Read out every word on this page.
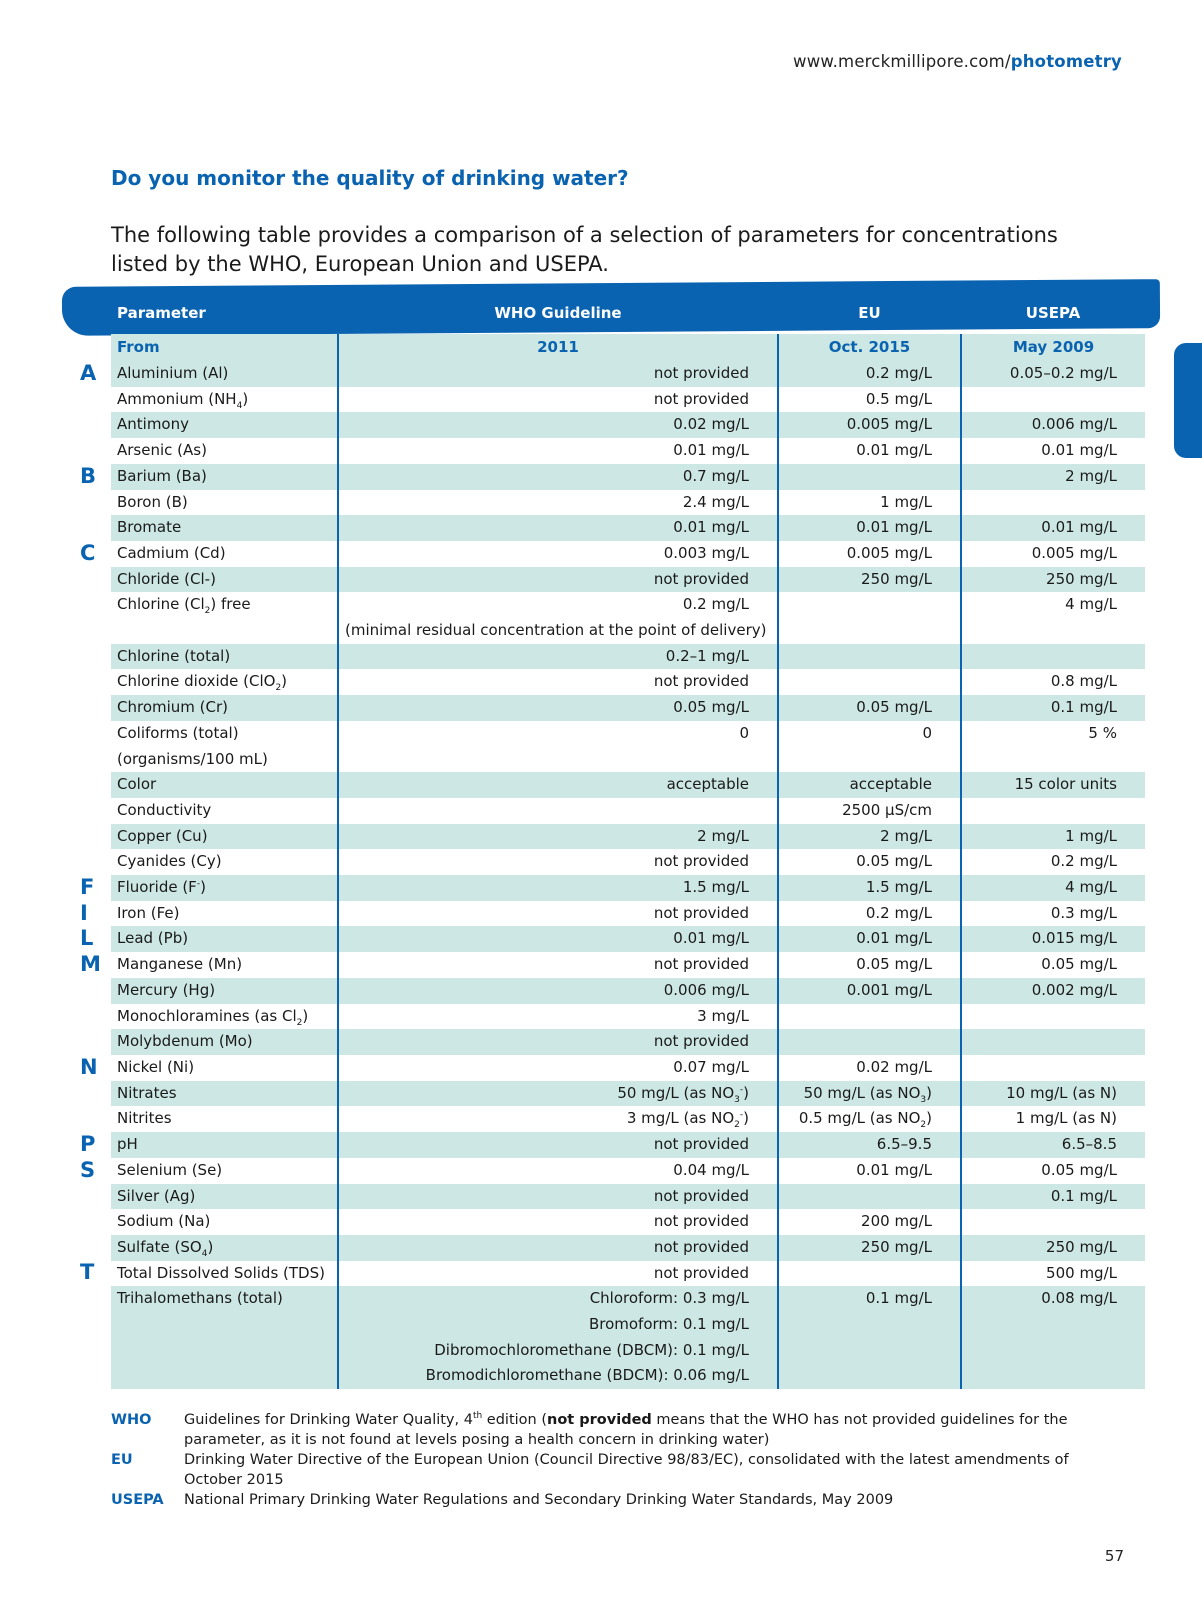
www.merckmillipore.com/photometry
Do you monitor the quality of drinking water?

The following table provides a comparison of a selection of parameters for concentrations listed by the WHO, European Union and USEPA.

Parameter	WHO Guideline	EU	USEPA
From	2011	Oct. 2015	May 2009
Aluminium (Al)	not provided	0.2 mg/L	0.05–0.2 mg/L
Ammonium $(NH_4)$	not provided	0.5 mg/L	
Antimony	0.02 mg/L	0.005 mg/L	0.006 mg/L
Arsenic (As)	0.01 mg/L	0.01 mg/L	0.01 mg/L
Barium (Ba)	0.7 mg/L		2 mg/L
Boron (B)	2.4 mg/L	1 mg/L	
Bromate	0.01 mg/L	0.01 mg/L	0.01 mg/L
Cadmium (Cd)	0.003 mg/L	0.005 mg/L	0.005 mg/L
Chloride (Cl-)	not provided	250 mg/L	250 mg/L
Chlorine $(Cl_2)$ free	0.2 mg/L		4 mg/L
	(minimal residual concentration at the point of delivery)		
Chlorine (total)	0.2–1 mg/L		
Chlorine dioxide (ClO$_2$)	not provided		0.8 mg/L
Chromium (Cr)	0.05 mg/L	0.05 mg/L	0.1 mg/L
Coliforms (total)	0	0	5 %
(organisms/100 mL)			
Color	acceptable	acceptable	15 color units
Conductivity		2500 µS/cm	
Copper (Cu)	2 mg/L	2 mg/L	1 mg/L
Cyanides (Cy)	not provided	0.05 mg/L	0.2 mg/L
Fluoride (F-)	1.5 mg/L	1.5 mg/L	4 mg/L
Iron (Fe)	not provided	0.2 mg/L	0.3 mg/L
Lead (Pb)	0.01 mg/L	0.01 mg/L	0.015 mg/L
Manganese (Mn)	not provided	0.05 mg/L	0.05 mg/L
Mercury (Hg)	0.006 mg/L	0.001 mg/L	0.002 mg/L
Monochloramines (as $Cl_2$)	3 mg/L		
Molybdenum (Mo)	not provided		
Nickel (Ni)	0.07 mg/L	0.02 mg/L	
Nitrates	50 mg/L (as $NO_3^-$)	50 mg/L (as $NO_3$)	10 mg/L (as N)
Nitrites	3 mg/L (as $NO_2^-$)	0.5 mg/L (as $NO_2$)	1 mg/L (as N)
pH	not provided	6.5–9.5	6.5–8.5
Selenium (Se)	0.04 mg/L	0.01 mg/L	0.05 mg/L
Silver (Ag)	not provided		0.1 mg/L
Sodium (Na)	not provided	200 mg/L	
Sulfate $(SO_4)$	not provided	250 mg/L	250 mg/L
Total Dissolved Solids (TDS)	not provided		500 mg/L
Trihalomethans (total)	Chloroform: 0.3 mg/L	0.1 mg/L	0.08 mg/L
	Bromoform: 0.1 mg/L		
	Dibromochloromethane (DBCM): 0.1 mg/L		
	Bromodichloromethane (BDCM): 0.06 mg/L		
A
B
C
F
I
L
M
N
P
S
T
WHO	Guidelines for Drinking Water Quality, 4th edition (not provided means that the WHO has not provided guidelines for the parameter, as it is not found at levels posing a health concern in drinking water)
EU	Drinking Water Directive of the European Union (Council Directive 98/83/EC), consolidated with the latest amendments of October 2015
USEPA	National Primary Drinking Water Regulations and Secondary Drinking Water Standards, May 2009
57
